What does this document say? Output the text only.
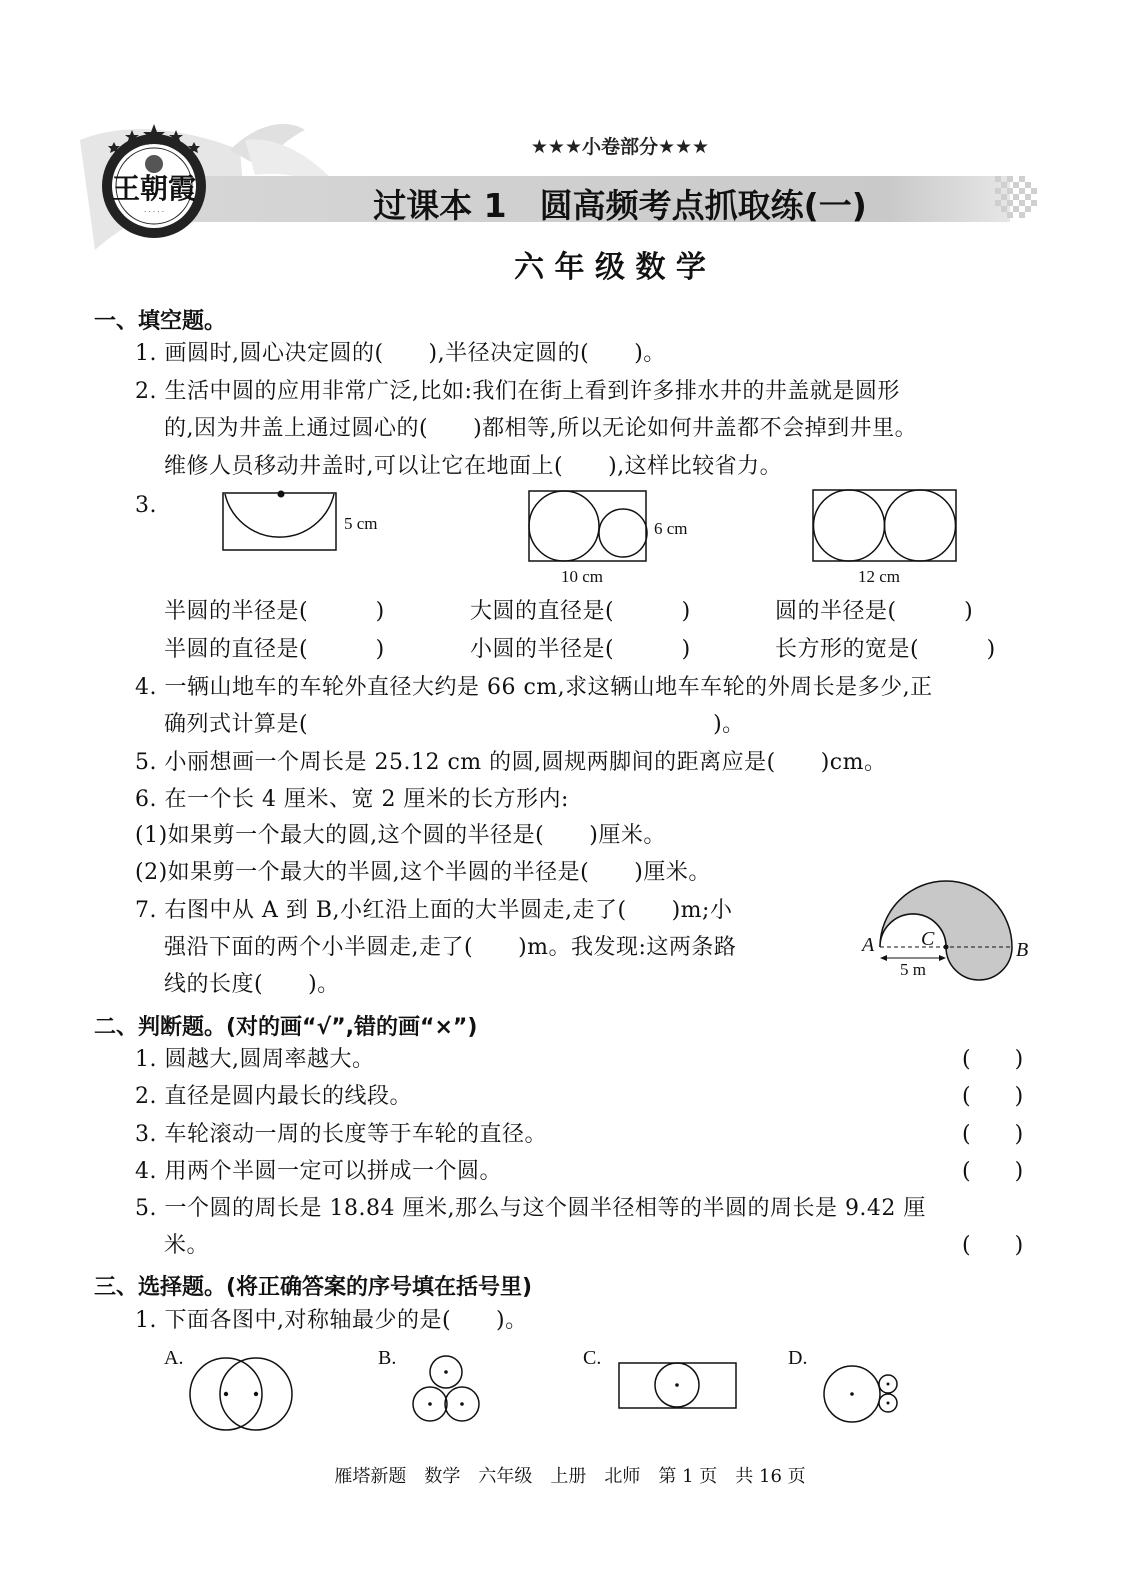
王朝霞
· · · · ·
★★★小卷部分★★★
过课本 1　圆高频考点抓取练(一)
六 年 级 数 学
一、填空题。
1. 画圆时,圆心决定圆的(　　),半径决定圆的(　　)。
2. 生活中圆的应用非常广泛,比如:我们在街上看到许多排水井的井盖就是圆形
的,因为井盖上通过圆心的(　　)都相等,所以无论如何井盖都不会掉到井里。
维修人员移动井盖时,可以让它在地面上(　　),这样比较省力。
3.
5 cm	6 cm
10 cm	12 cm
半圆的半径是(　　　)	大圆的直径是(　　　)	圆的半径是(　　　)
半圆的直径是(　　　)	小圆的半径是(　　　)	长方形的宽是(　　　)
4. 一辆山地车的车轮外直径大约是 66 cm,求这辆山地车车轮的外周长是多少,正
确列式计算是(　　　　　　　　　　　　　　　　　　)。
5. 小丽想画一个周长是 25.12 cm 的圆,圆规两脚间的距离应是(　　)cm。
6. 在一个长 4 厘米、宽 2 厘米的长方形内:
(1)如果剪一个最大的圆,这个圆的半径是(　　)厘米。
(2)如果剪一个最大的半圆,这个半圆的半径是(　　)厘米。
7. 右图中从 A 到 B,小红沿上面的大半圆走,走了(　　)m;小
强沿下面的两个小半圆走,走了(　　)m。我发现:这两条路
线的长度(　　)。
A	B
C
5 m
二、判断题。(对的画“√”,错的画“×”)
1. 圆越大,圆周率越大。	(　　)
2. 直径是圆内最长的线段。	(　　)
3. 车轮滚动一周的长度等于车轮的直径。	(　　)
4. 用两个半圆一定可以拼成一个圆。	(　　)
5. 一个圆的周长是 18.84 厘米,那么与这个圆半径相等的半圆的周长是 9.42 厘
米。	(　　)
三、选择题。(将正确答案的序号填在括号里)
1. 下面各图中,对称轴最少的是(　　)。
A.	B.	C.	D.
雁塔新题　数学　六年级　上册　北师　第 1 页　共 16 页
